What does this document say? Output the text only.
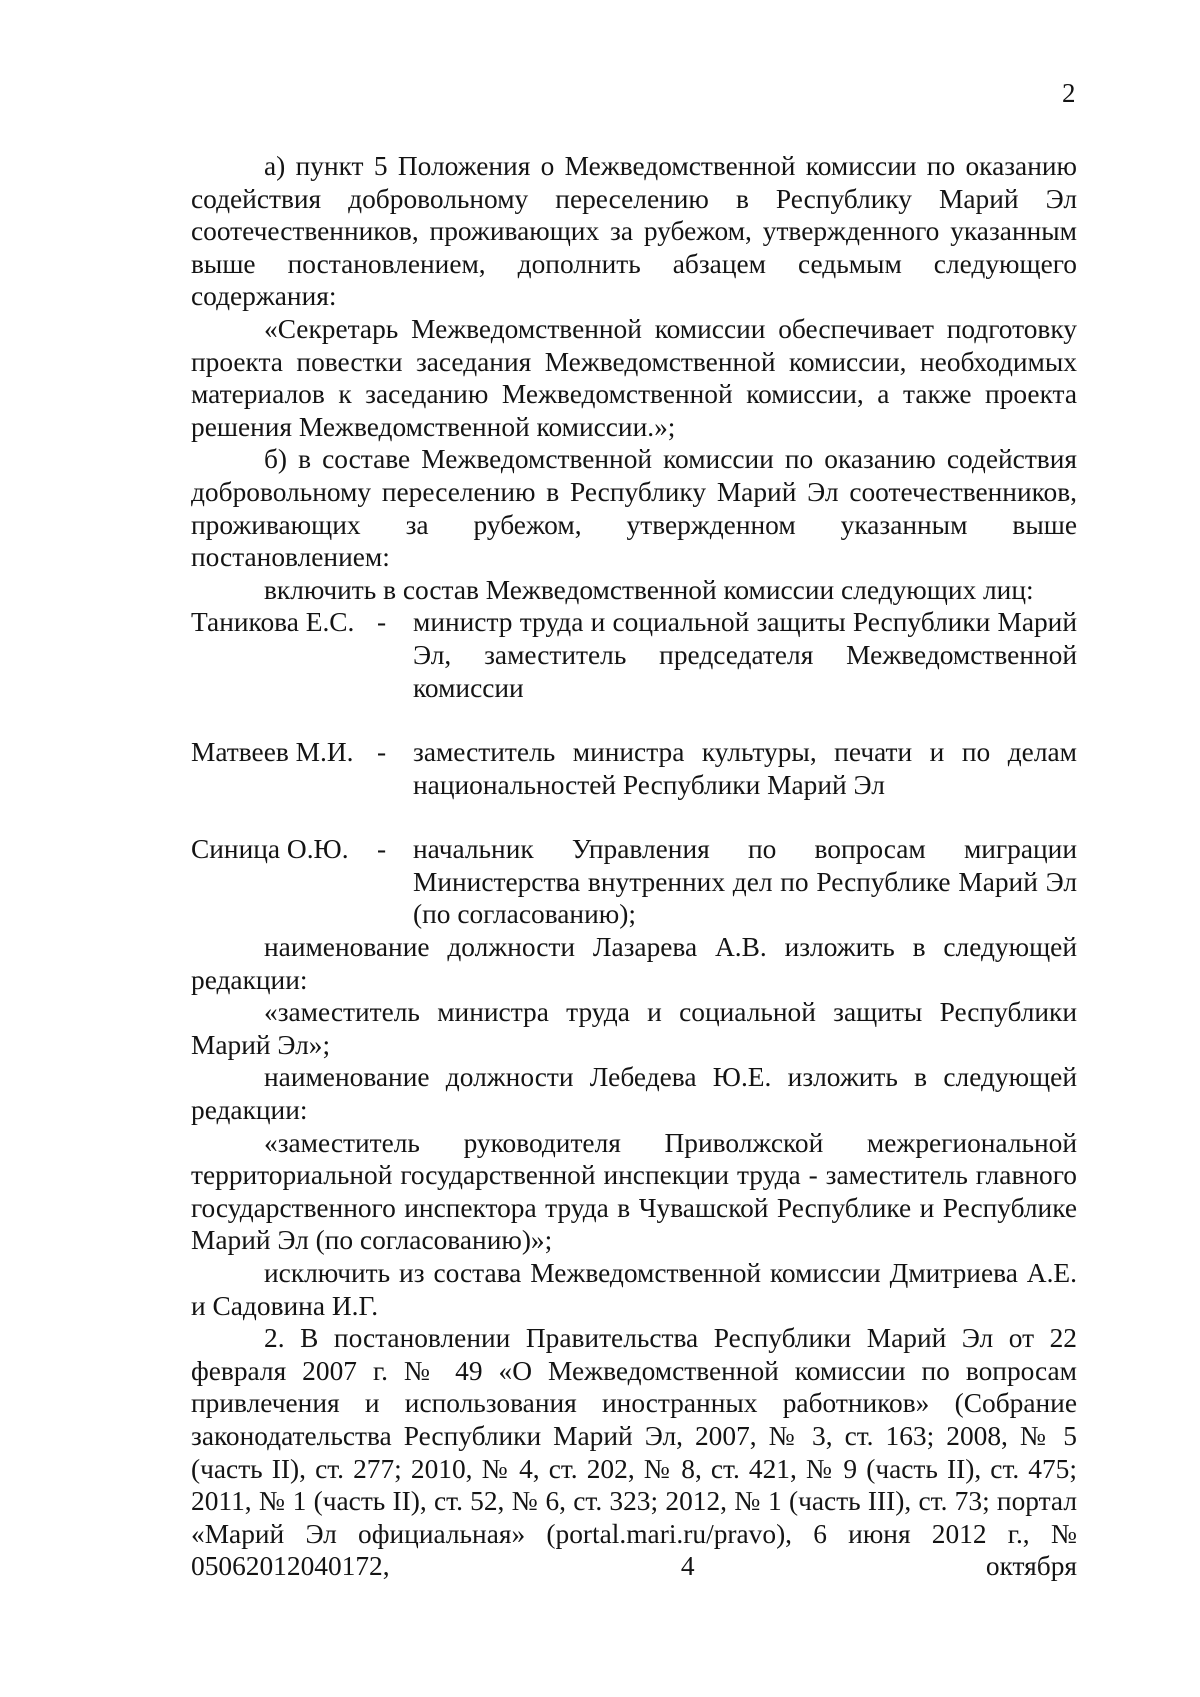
2

а) пункт 5 Положения о Межведомственной комиссии по оказанию содействия добровольному переселению в Республику Марий Эл соотечественников, проживающих за рубежом, утвержденного указанным выше постановлением, дополнить абзацем седьмым следующего содержания:

«Секретарь Межведомственной комиссии обеспечивает подготовку проекта повестки заседания Межведомственной комиссии, необходимых материалов к заседанию Межведомственной комиссии, а также проекта решения Межведомственной комиссии.»;

б) в составе Межведомственной комиссии по оказанию содействия добровольному переселению в Республику Марий Эл соотечественников, проживающих за рубежом, утвержденном указанным выше постановлением:

включить в состав Межведомственной комиссии следующих лиц:

Таникова Е.С. - министр труда и социальной защиты Республики Марий Эл, заместитель председателя Межведомственной комиссии
Матвеев М.И. - заместитель министра культуры, печати и по делам национальностей Республики Марий Эл
Синица О.Ю.	- начальник Управления по вопросам миграции Министерства внутренних дел по Республике Марий Эл (по согласованию);

наименование должности Лазарева А.В. изложить в следующей редакции:

«заместитель министра труда и социальной защиты Республики Марий Эл»;

наименование должности Лебедева Ю.Е. изложить в следующей редакции:

«заместитель руководителя Приволжской межрегиональной территориальной государственной инспекции труда - заместитель главного государственного инспектора труда в Чувашской Республике и Республике Марий Эл (по согласованию)»;

исключить из состава Межведомственной комиссии Дмитриева А.Е. и Садовина И.Г.

2. В постановлении Правительства Республики Марий Эл от 22 февраля 2007 г. № 49 «О Межведомственной комиссии по вопросам привлечения и использования иностранных работников» (Собрание законодательства Республики Марий Эл, 2007, № 3, ст. 163; 2008, № 5 (часть II), ст. 277; 2010, № 4, ст. 202, № 8, ст. 421, № 9 (часть II), ст. 475; 2011, № 1 (часть II), ст. 52, № 6, ст. 323; 2012, № 1 (часть III), ст. 73; портал «Марий Эл официальная» (portal.mari.ru/pravo), 6 июня 2012 г., № 05062012040172, 4 октября
